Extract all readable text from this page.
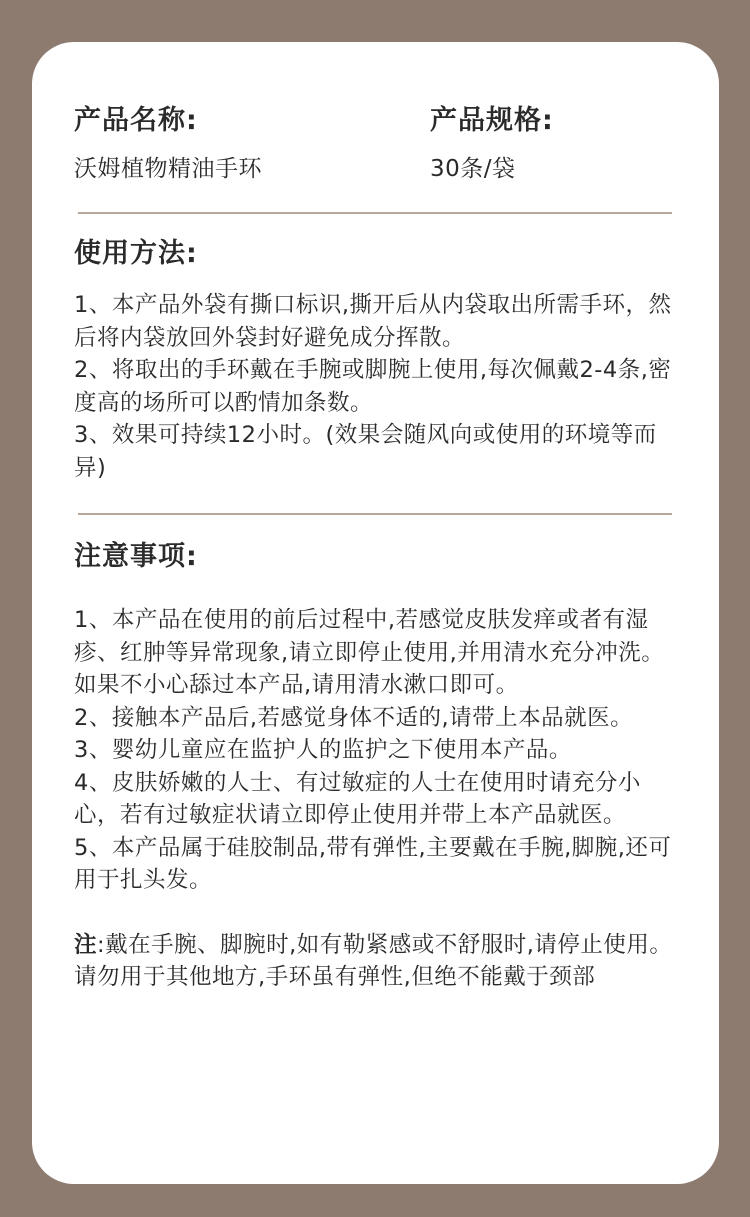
产品名称:
沃姆植物精油手环
产品规格:
30条/袋
使用方法:

1、本产品外袋有撕口标识,撕开后从内袋取出所需手环，然后将内袋放回外袋封好避免成分挥散。

2、将取出的手环戴在手腕或脚腕上使用,每次佩戴2-4条,密度高的场所可以酌情加条数。

3、效果可持续12小时。(效果会随风向或使用的环境等而异)

注意事项:

1、本产品在使用的前后过程中,若感觉皮肤发痒或者有湿疹、红肿等异常现象,请立即停止使用,并用清水充分冲洗。如果不小心舔过本产品,请用清水漱口即可。

2、接触本产品后,若感觉身体不适的,请带上本品就医。

3、婴幼儿童应在监护人的监护之下使用本产品。

4、皮肤娇嫩的人士、有过敏症的人士在使用时请充分小心，若有过敏症状请立即停止使用并带上本产品就医。

5、本产品属于硅胶制品,带有弹性,主要戴在手腕,脚腕,还可用于扎头发。

注:戴在手腕、脚腕时,如有勒紧感或不舒服时,请停止使用。请勿用于其他地方,手环虽有弹性,但绝不能戴于颈部
